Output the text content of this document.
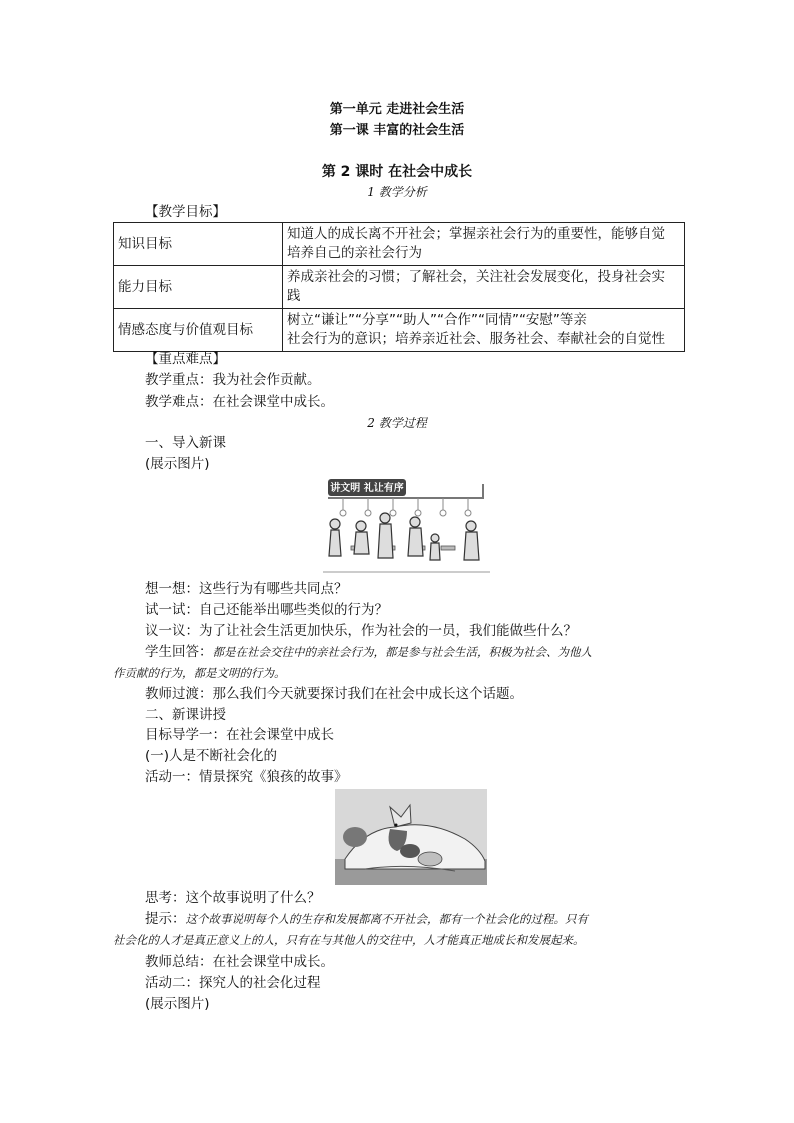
第一单元 走进社会生活
第一课 丰富的社会生活
第 2 课时 在社会中成长
1 教学分析
【教学目标】
知识目标	知道人的成长离不开社会；掌握亲社会行为的重要性，能够自觉
培养自己的亲社会行为

能力目标	养成亲社会的习惯；了解社会，关注社会发展变化，投身社会实
践

情感态度与价值观目标	树立“谦让”“分享”“助人”“合作”“同情”“安慰”等亲
社会行为的意识；培养亲近社会、服务社会、奉献社会的自觉性
【重点难点】
教学重点：我为社会作贡献。
教学难点：在社会课堂中成长。
2 教学过程
一、导入新课
(展示图片)
讲文明 礼让有序
想一想：这些行为有哪些共同点？
试一试：自己还能举出哪些类似的行为？
议一议：为了让社会生活更加快乐，作为社会的一员，我们能做些什么？
学生回答：都是在社会交往中的亲社会行为，都是参与社会生活，积极为社会、为他人
作贡献的行为，都是文明的行为。
教师过渡：那么我们今天就要探讨我们在社会中成长这个话题。
二、新课讲授
目标导学一：在社会课堂中成长
(一)人是不断社会化的
活动一：情景探究《狼孩的故事》
思考：这个故事说明了什么？
提示：这个故事说明每个人的生存和发展都离不开社会，都有一个社会化的过程。只有
社会化的人才是真正意义上的人，只有在与其他人的交往中，人才能真正地成长和发展起来。
教师总结：在社会课堂中成长。
活动二：探究人的社会化过程
(展示图片)
